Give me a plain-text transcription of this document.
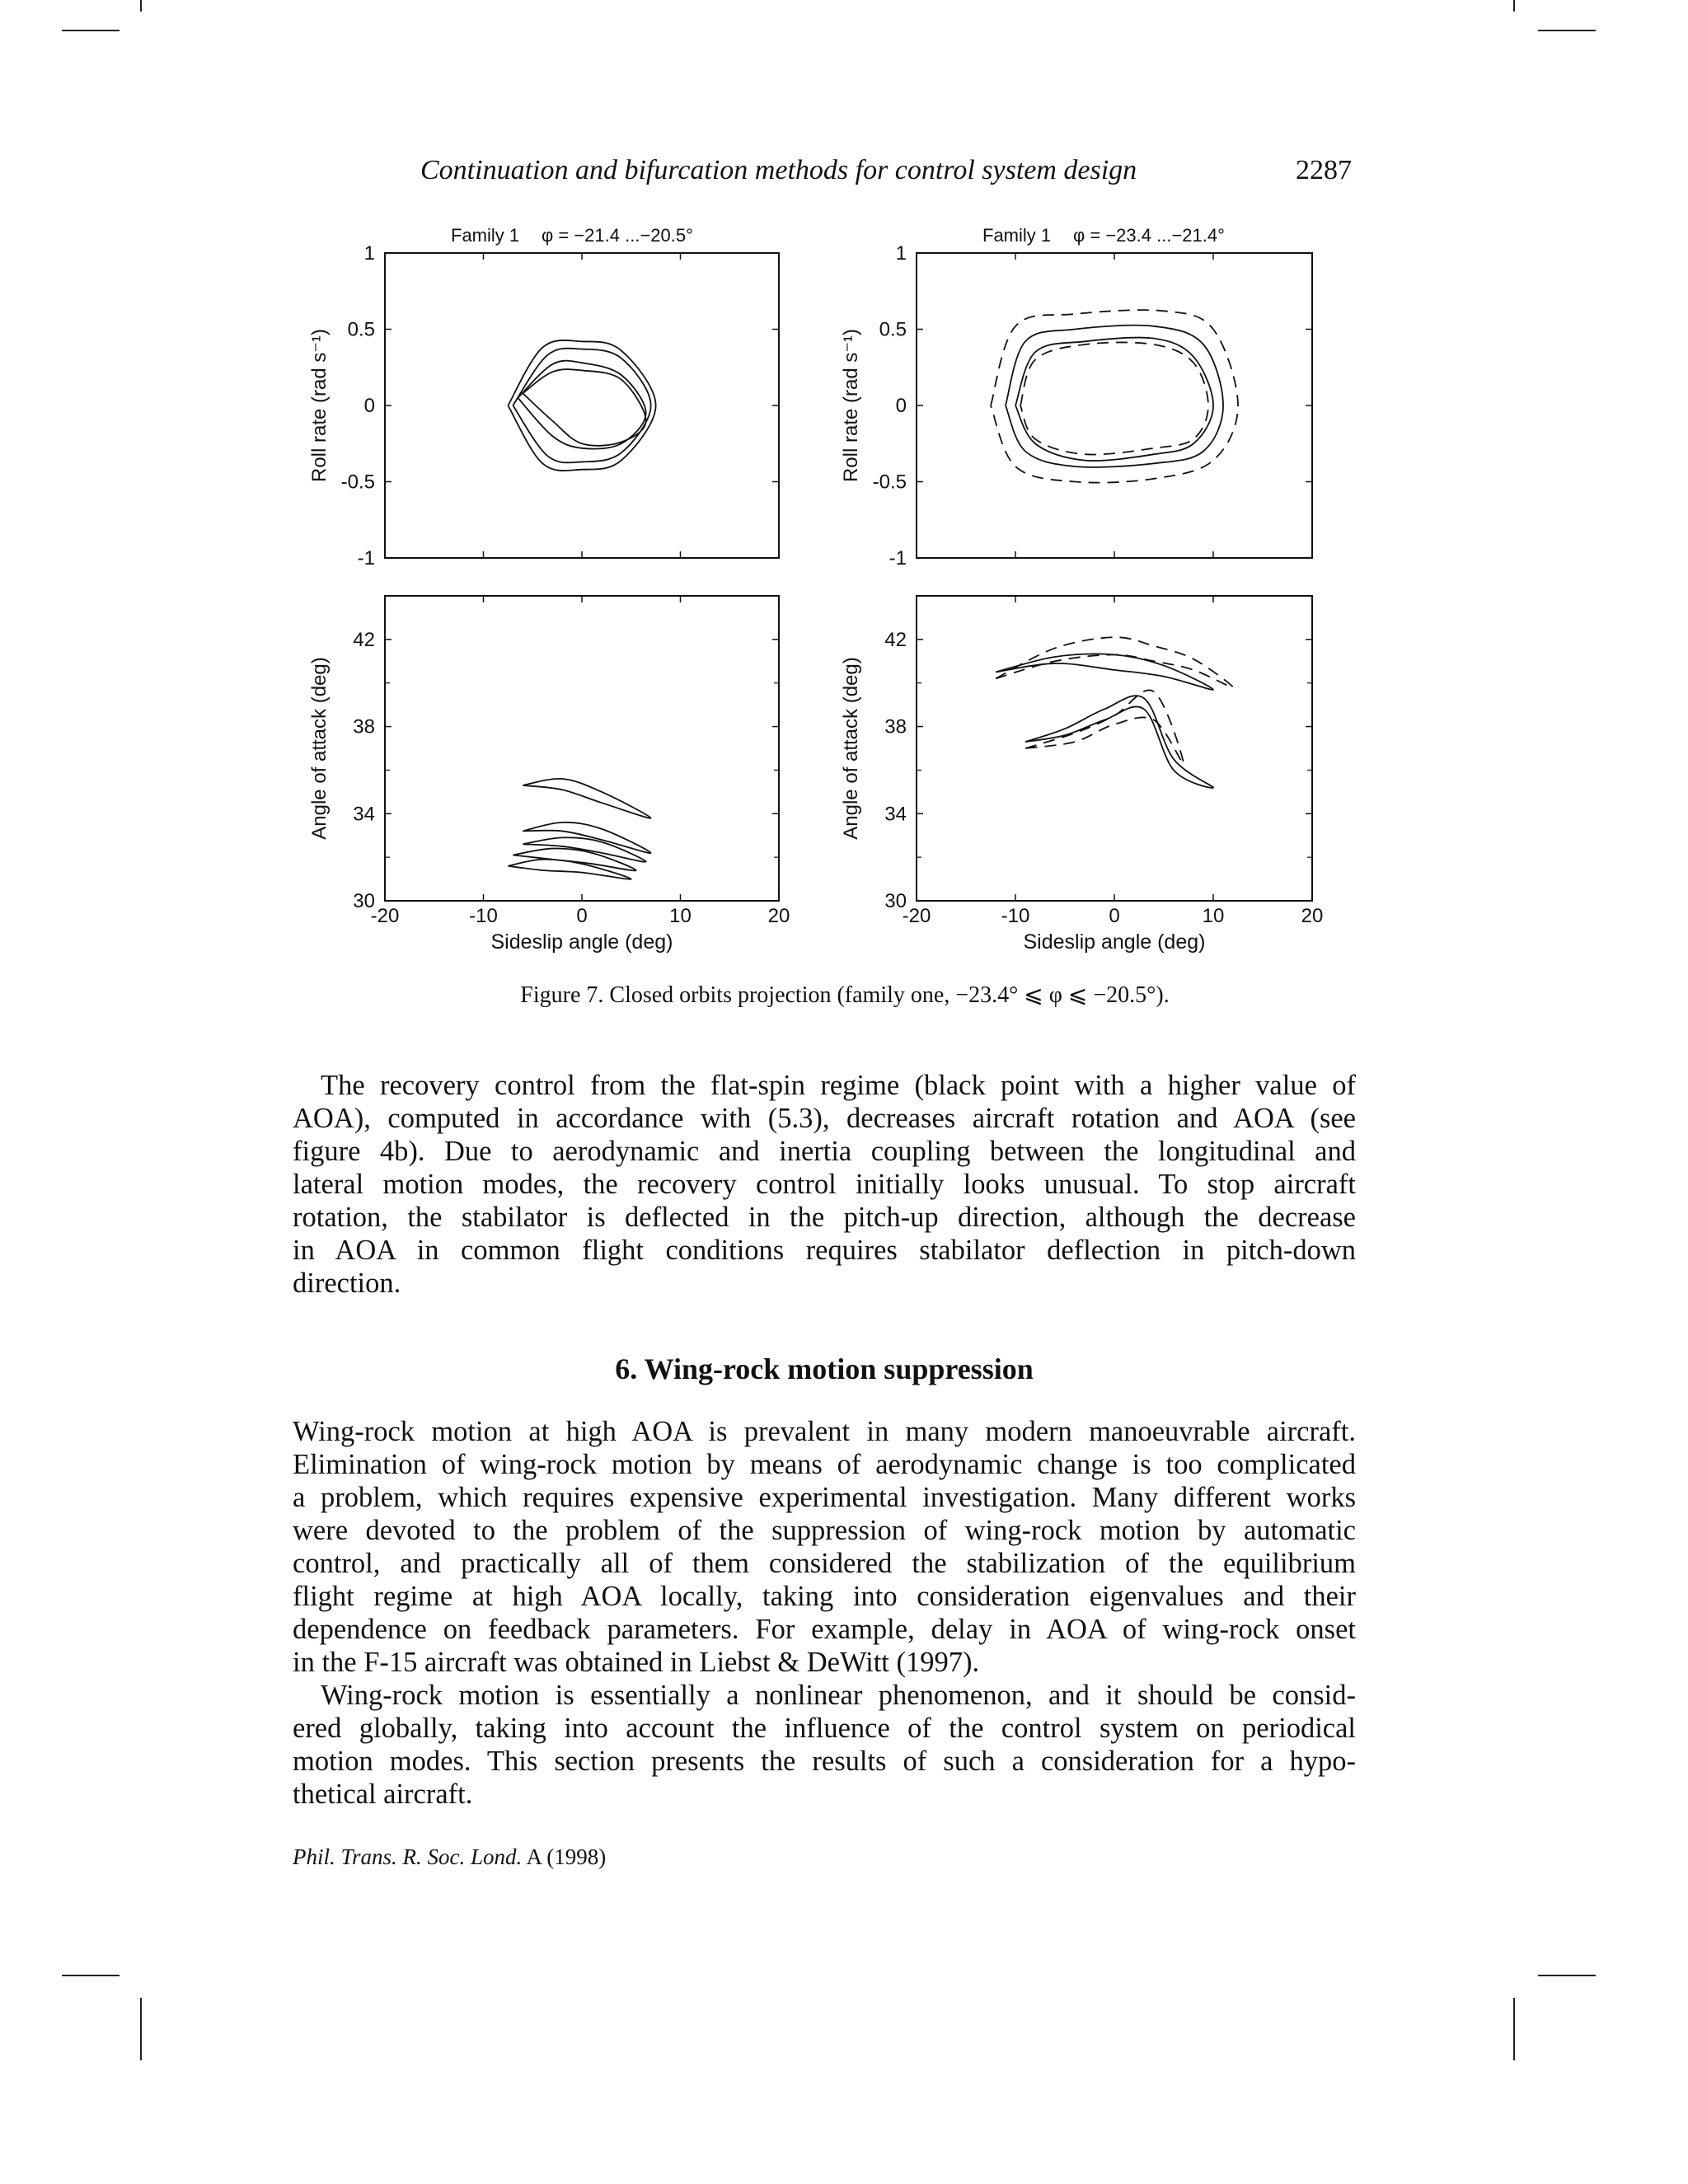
Continuation and bifurcation methods for control system design	2287
1
0.5
0
-0.5
-1
Family 1 φ = −21.4 ...−20.5°
Roll rate (rad s⁻¹)
1
0.5
0
-0.5
-1
Family 1 φ = −23.4 ...−21.4°
Roll rate (rad s⁻¹)
-20	-10	0	10	20
42
38
34
30
Angle of attack (deg)
Sideslip angle (deg)
-20	-10	0	10	20
42
38
34
30
Angle of attack (deg)
Sideslip angle (deg)
Figure 7. Closed orbits projection (family one, −23.4° ⩽ φ ⩽ −20.5°).
The recovery control from the flat-spin regime (black point with a higher value of
AOA), computed in accordance with (5.3), decreases aircraft rotation and AOA (see
figure 4b). Due to aerodynamic and inertia coupling between the longitudinal and
lateral motion modes, the recovery control initially looks unusual. To stop aircraft
rotation, the stabilator is deflected in the pitch-up direction, although the decrease
in AOA in common flight conditions requires stabilator deflection in pitch-down
direction.
6. Wing-rock motion suppression
Wing-rock motion at high AOA is prevalent in many modern manoeuvrable aircraft.
Elimination of wing-rock motion by means of aerodynamic change is too complicated
a problem, which requires expensive experimental investigation. Many different works
were devoted to the problem of the suppression of wing-rock motion by automatic
control, and practically all of them considered the stabilization of the equilibrium
flight regime at high AOA locally, taking into consideration eigenvalues and their
dependence on feedback parameters. For example, delay in AOA of wing-rock onset
in the F-15 aircraft was obtained in Liebst & DeWitt (1997).
Wing-rock motion is essentially a nonlinear phenomenon, and it should be consid-
ered globally, taking into account the influence of the control system on periodical
motion modes. This section presents the results of such a consideration for a hypo-
thetical aircraft.
Phil. Trans. R. Soc. Lond. A (1998)
